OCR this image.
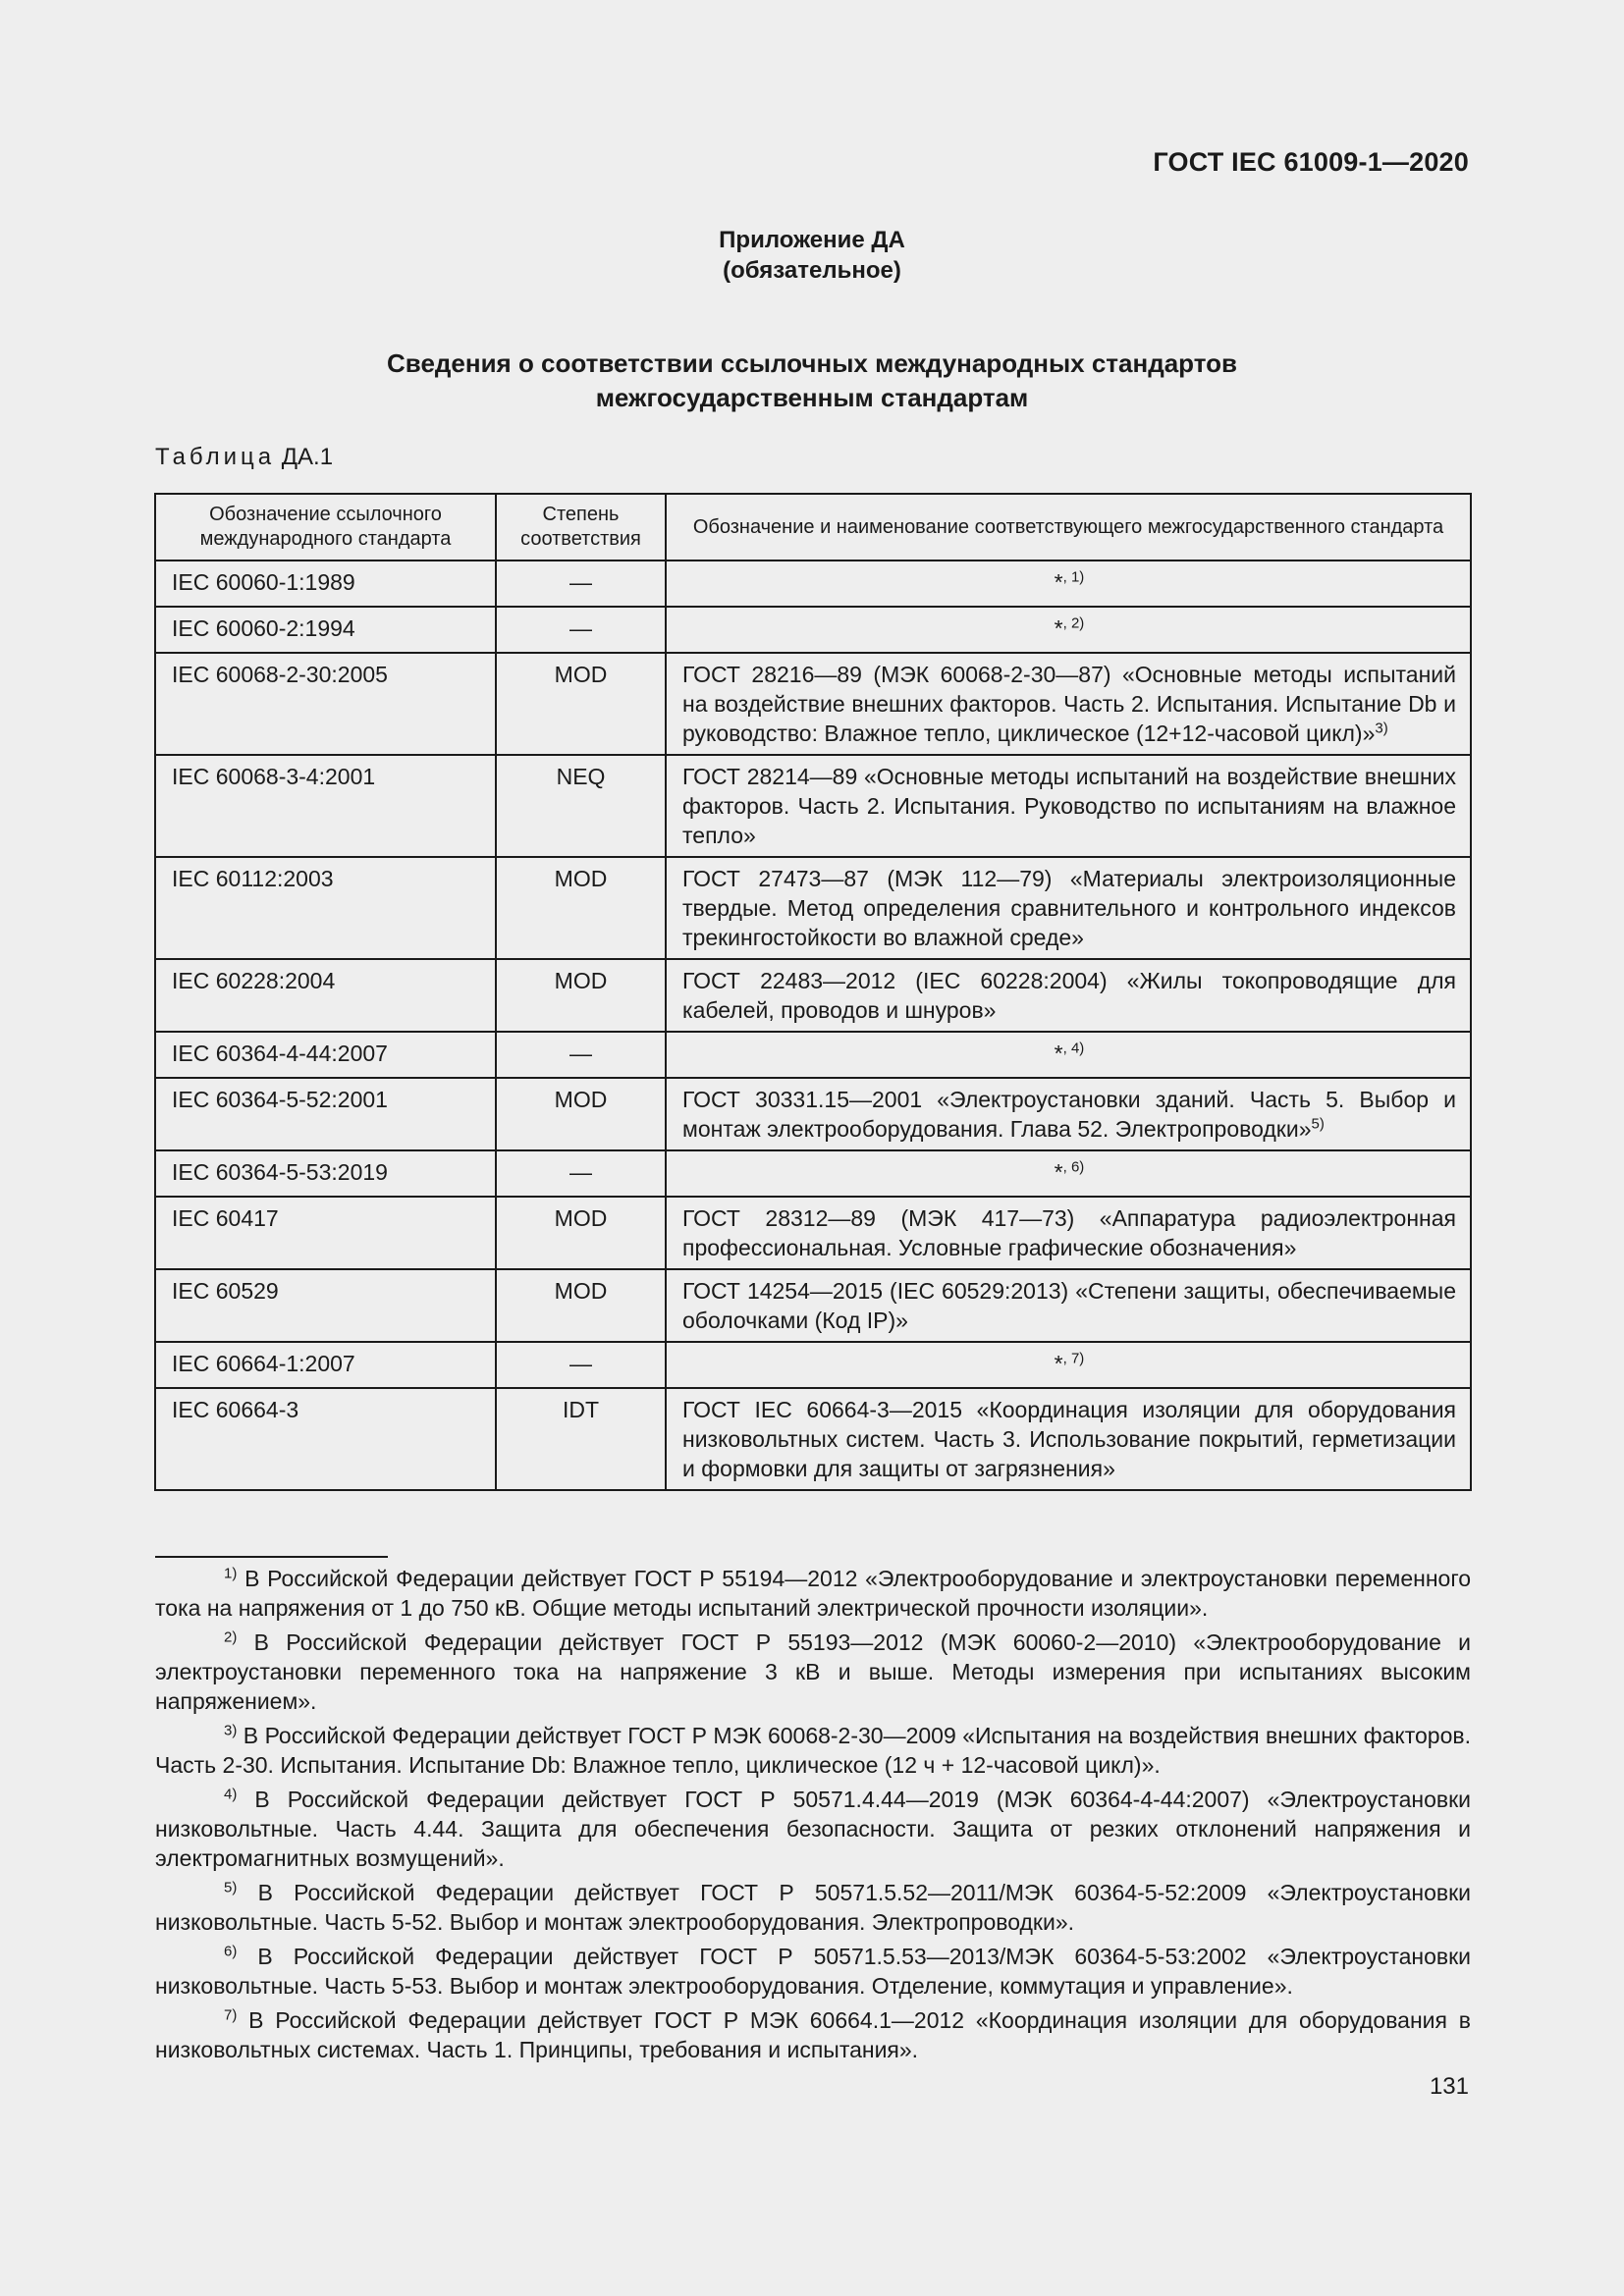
ГОСТ IEC 61009-1—2020
Приложение ДА
(обязательное)
Сведения о соответствии ссылочных международных стандартов
межгосударственным стандартам
Таблица ДА.1
Обозначение ссылочного международного стандарта	Степень соответствия	Обозначение и наименование соответствующего межгосударственного стандарта
IEC 60060-1:1989	—	*$^{, 1)}$
IEC 60060-2:1994	—	*$^{, 2)}$
IEC 60068-2-30:2005	MOD	ГОСТ 28216—89 (МЭК 60068-2-30—87) «Основные методы испытаний на воздействие внешних факторов. Часть 2. Испытания. Испытание Db и руководство: Влажное тепло, циклическое (12+12-часовой цикл)»$^{3)}$
IEC 60068-3-4:2001	NEQ	ГОСТ 28214—89 «Основные методы испытаний на воздействие внешних факторов. Часть 2. Испытания. Руководство по испытаниям на влажное тепло»
IEC 60112:2003	MOD	ГОСТ 27473—87 (МЭК 112—79) «Материалы электроизоляционные твердые. Метод определения сравнительного и контрольного индексов трекингостойкости во влажной среде»
IEC 60228:2004	MOD	ГОСТ 22483—2012 (IEC 60228:2004) «Жилы токопроводящие для кабелей, проводов и шнуров»
IEC 60364-4-44:2007	—	*$^{, 4)}$
IEC 60364-5-52:2001	MOD	ГОСТ 30331.15—2001 «Электроустановки зданий. Часть 5. Выбор и монтаж электрооборудования. Глава 52. Электропроводки»$^{5)}$
IEC 60364-5-53:2019	—	*$^{, 6)}$
IEC 60417	MOD	ГОСТ 28312—89 (МЭК 417—73) «Аппаратура радиоэлектронная профессиональная. Условные графические обозначения»
IEC 60529	MOD	ГОСТ 14254—2015 (IEC 60529:2013) «Степени защиты, обеспечиваемые оболочками (Код IP)»
IEC 60664-1:2007	—	*$^{, 7)}$
IEC 60664-3	IDT	ГОСТ IEC 60664-3—2015 «Координация изоляции для оборудования низковольтных систем. Часть 3. Использование покрытий, герметизации и формовки для защиты от загрязнения»

$^{1)}$ В Российской Федерации действует ГОСТ Р 55194—2012 «Электрооборудование и электроустановки переменного тока на напряжения от 1 до 750 кВ. Общие методы испытаний электрической прочности изоляции».

$^{2)}$ В Российской Федерации действует ГОСТ Р 55193—2012 (МЭК 60060-2—2010) «Электрооборудование и электроустановки переменного тока на напряжение 3 кВ и выше. Методы измерения при испытаниях высоким напряжением».

$^{3)}$ В Российской Федерации действует ГОСТ Р МЭК 60068-2-30—2009 «Испытания на воздействия внешних факторов. Часть 2-30. Испытания. Испытание Db: Влажное тепло, циклическое (12 ч + 12-часовой цикл)».

$^{4)}$ В Российской Федерации действует ГОСТ Р 50571.4.44—2019 (МЭК 60364-4-44:2007) «Электроустановки низковольтные. Часть 4.44. Защита для обеспечения безопасности. Защита от резких отклонений напряжения и электромагнитных возмущений».

$^{5)}$ В Российской Федерации действует ГОСТ Р 50571.5.52—2011/МЭК 60364-5-52:2009 «Электроустановки низковольтные. Часть 5-52. Выбор и монтаж электрооборудования. Электропроводки».

$^{6)}$ В Российской Федерации действует ГОСТ Р 50571.5.53—2013/МЭК 60364-5-53:2002 «Электроустановки низковольтные. Часть 5-53. Выбор и монтаж электрооборудования. Отделение, коммутация и управление».

$^{7)}$ В Российской Федерации действует ГОСТ Р МЭК 60664.1—2012 «Координация изоляции для оборудования в низковольтных системах. Часть 1. Принципы, требования и испытания».

131
